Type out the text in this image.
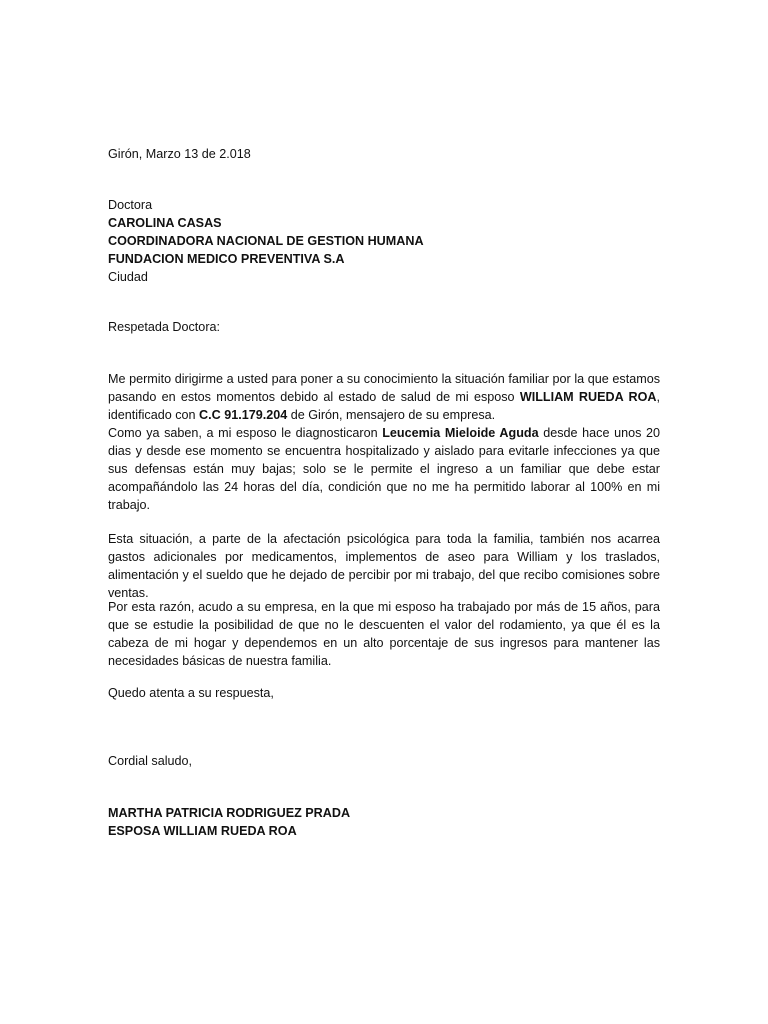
Girón, Marzo 13 de 2.018
Doctora
CAROLINA CASAS
COORDINADORA NACIONAL DE GESTION HUMANA
FUNDACION MEDICO PREVENTIVA S.A
Ciudad
Respetada Doctora:
Me permito dirigirme a usted para poner a su conocimiento la situación familiar por la que estamos pasando en estos momentos debido al estado de salud de mi esposo WILLIAM RUEDA ROA, identificado con C.C 91.179.204 de Girón, mensajero de su empresa.
Como ya saben, a mi esposo le diagnosticaron Leucemia Mieloide Aguda desde hace unos 20 dias y desde ese momento se encuentra hospitalizado y aislado para evitarle infecciones ya que sus defensas están muy bajas; solo se le permite el ingreso a un familiar que debe estar acompañándolo las 24 horas del día, condición que no me ha permitido laborar al 100% en mi trabajo.
Esta situación, a parte de la afectación psicológica para toda la familia, también nos acarrea gastos adicionales por medicamentos, implementos de aseo para William y los traslados, alimentación y el sueldo que he dejado de percibir por mi trabajo, del que recibo comisiones sobre ventas.
Por esta razón, acudo a su empresa, en la que mi esposo ha trabajado por más de 15 años, para que se estudie la posibilidad de que no le descuenten el valor del rodamiento, ya que él es la cabeza de mi hogar y dependemos en un alto porcentaje de sus ingresos para mantener las necesidades básicas de nuestra familia.
Quedo atenta a su respuesta,
Cordial saludo,
MARTHA PATRICIA RODRIGUEZ PRADA
ESPOSA WILLIAM RUEDA ROA
